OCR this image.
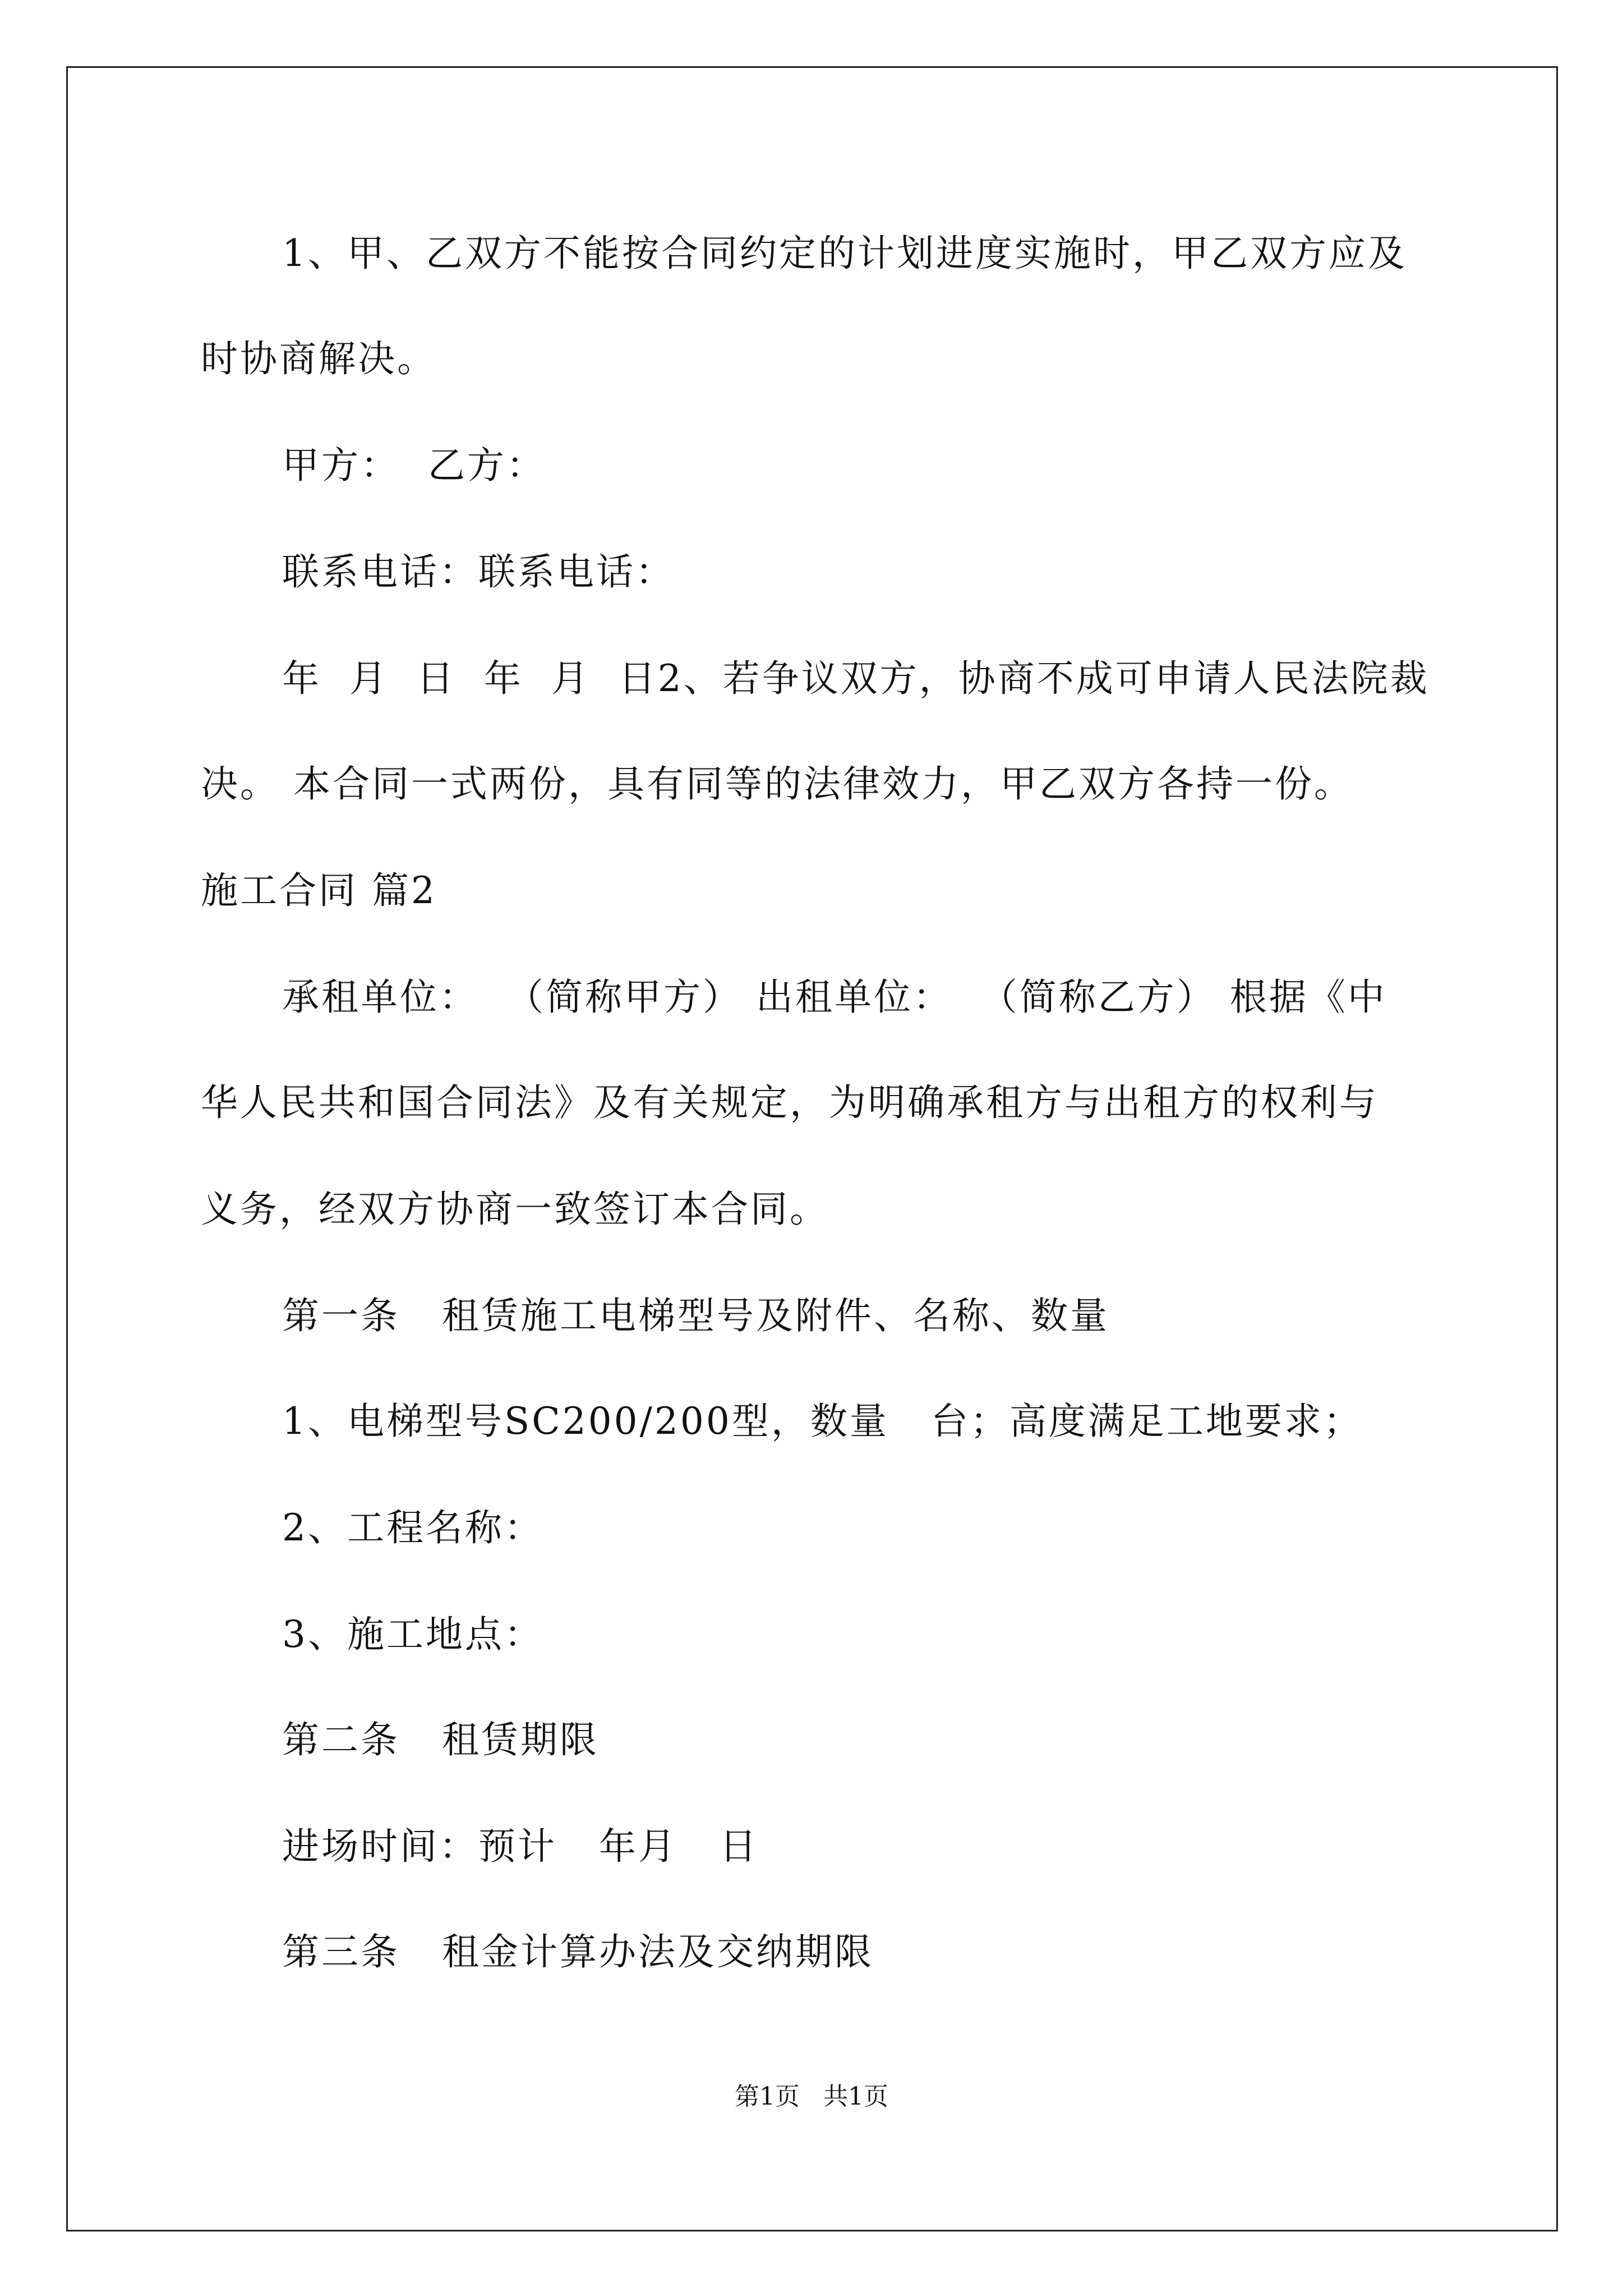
1、甲、乙双方不能按合同约定的计划进度实施时，甲乙双方应及
时协商解决。
甲方：  乙方：
联系电话：联系电话：
年  月  日  年  月  日2、若争议双方，协商不成可申请人民法院裁
决。 本合同一式两份，具有同等的法律效力，甲乙双方各持一份。
施工合同 篇2
承租单位：  （简称甲方） 出租单位：  （简称乙方） 根据《中
华人民共和国合同法》及有关规定，为明确承租方与出租方的权利与
义务，经双方协商一致签订本合同。
第一条   租赁施工电梯型号及附件、名称、数量
1、电梯型号SC200/200型，数量   台；高度满足工地要求；
2、工程名称：
3、施工地点：
第二条   租赁期限
进场时间：预计   年月   日
第三条   租金计算办法及交纳期限
第1页   共1页
